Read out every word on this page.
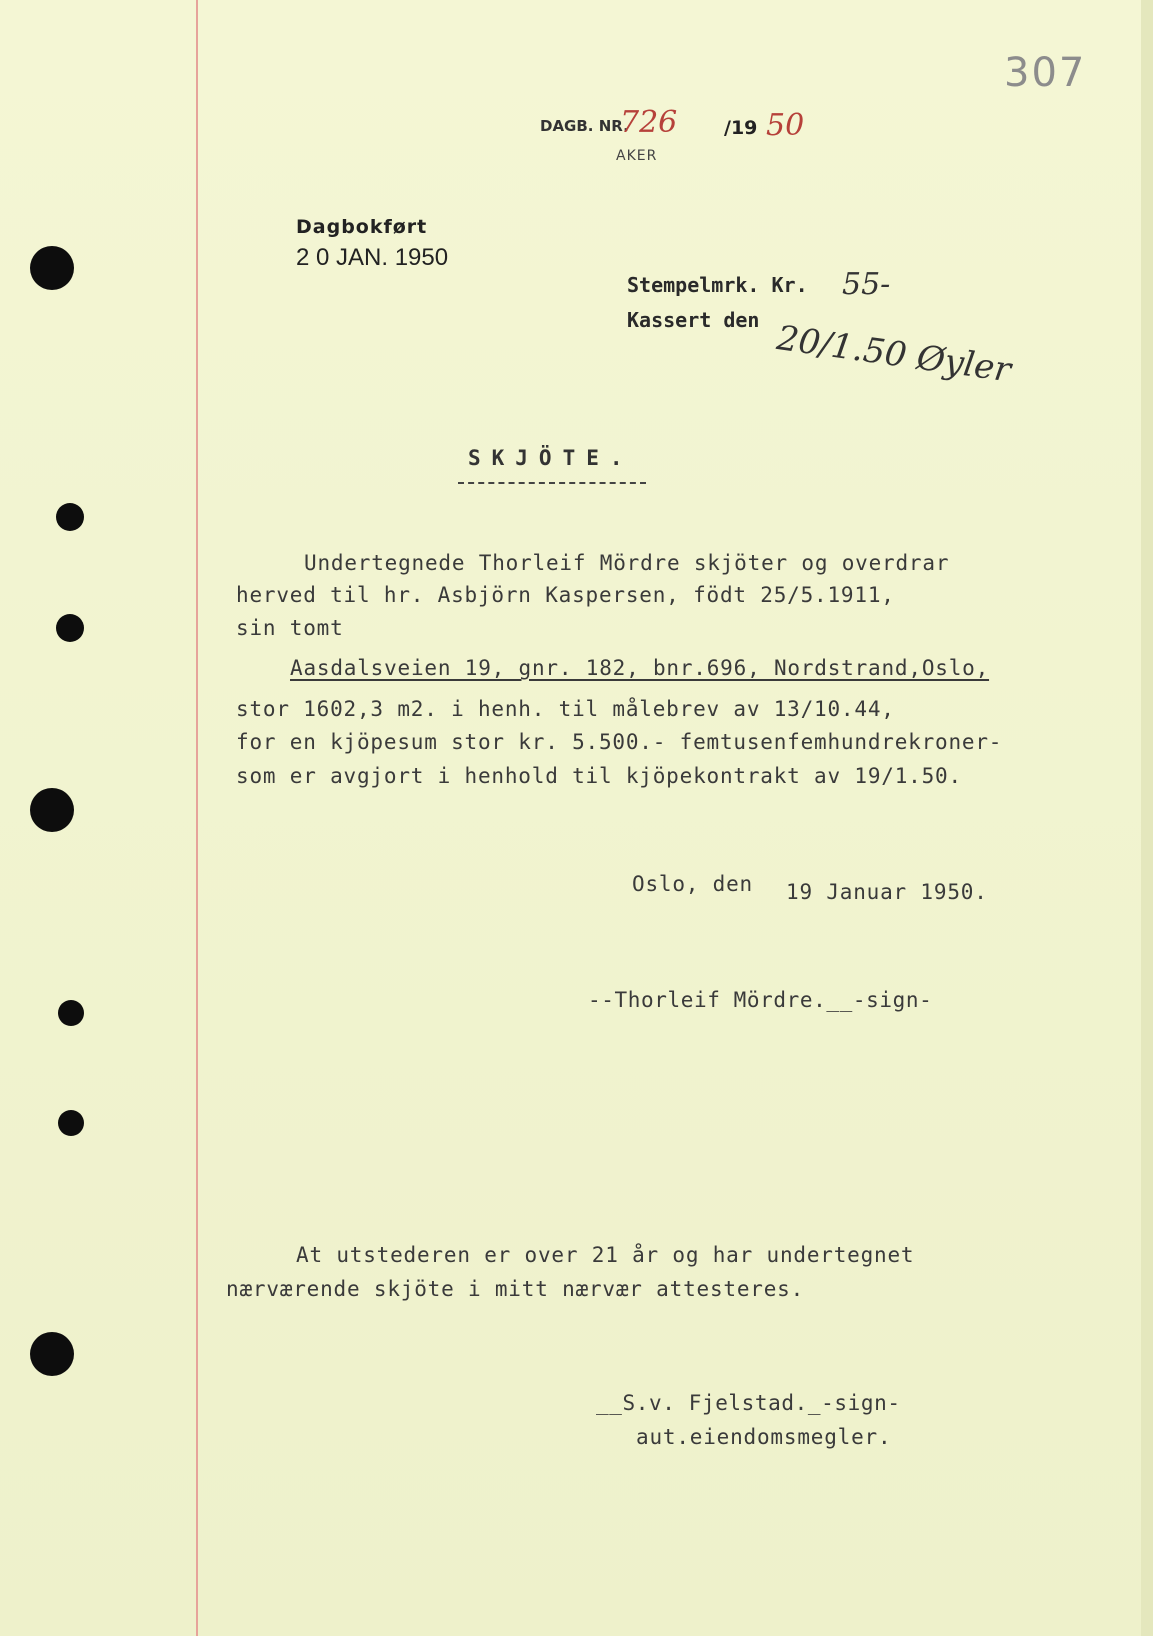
307
DAGB. NR.
726 /19 50
AKER
Dagbokført
2 0 JAN. 1950
Stempelmrk. Kr. 55-
Kassert den 20/1.50 Øyler
SKJÖTE.
Undertegnede Thorleif Mördre skjöter og overdrar
herved til hr. Asbjörn Kaspersen, födt 25/5.1911,
sin tomt
Aasdalsveien 19, gnr. 182, bnr.696, Nordstrand,Oslo,
stor 1602,3 m2. i henh. til målebrev av 13/10.44,
for en kjöpesum stor kr. 5.500.- femtusenfemhundrekroner-
som er avgjort i henhold til kjöpekontrakt av 19/1.50.
Oslo, den 19 Januar 1950.
--Thorleif Mördre.__-sign-
At utstederen er over 21 år og har undertegnet
nærværende skjöte i mitt nærvær attesteres.
__S.v. Fjelstad._-sign-
aut.eiendomsmegler.
